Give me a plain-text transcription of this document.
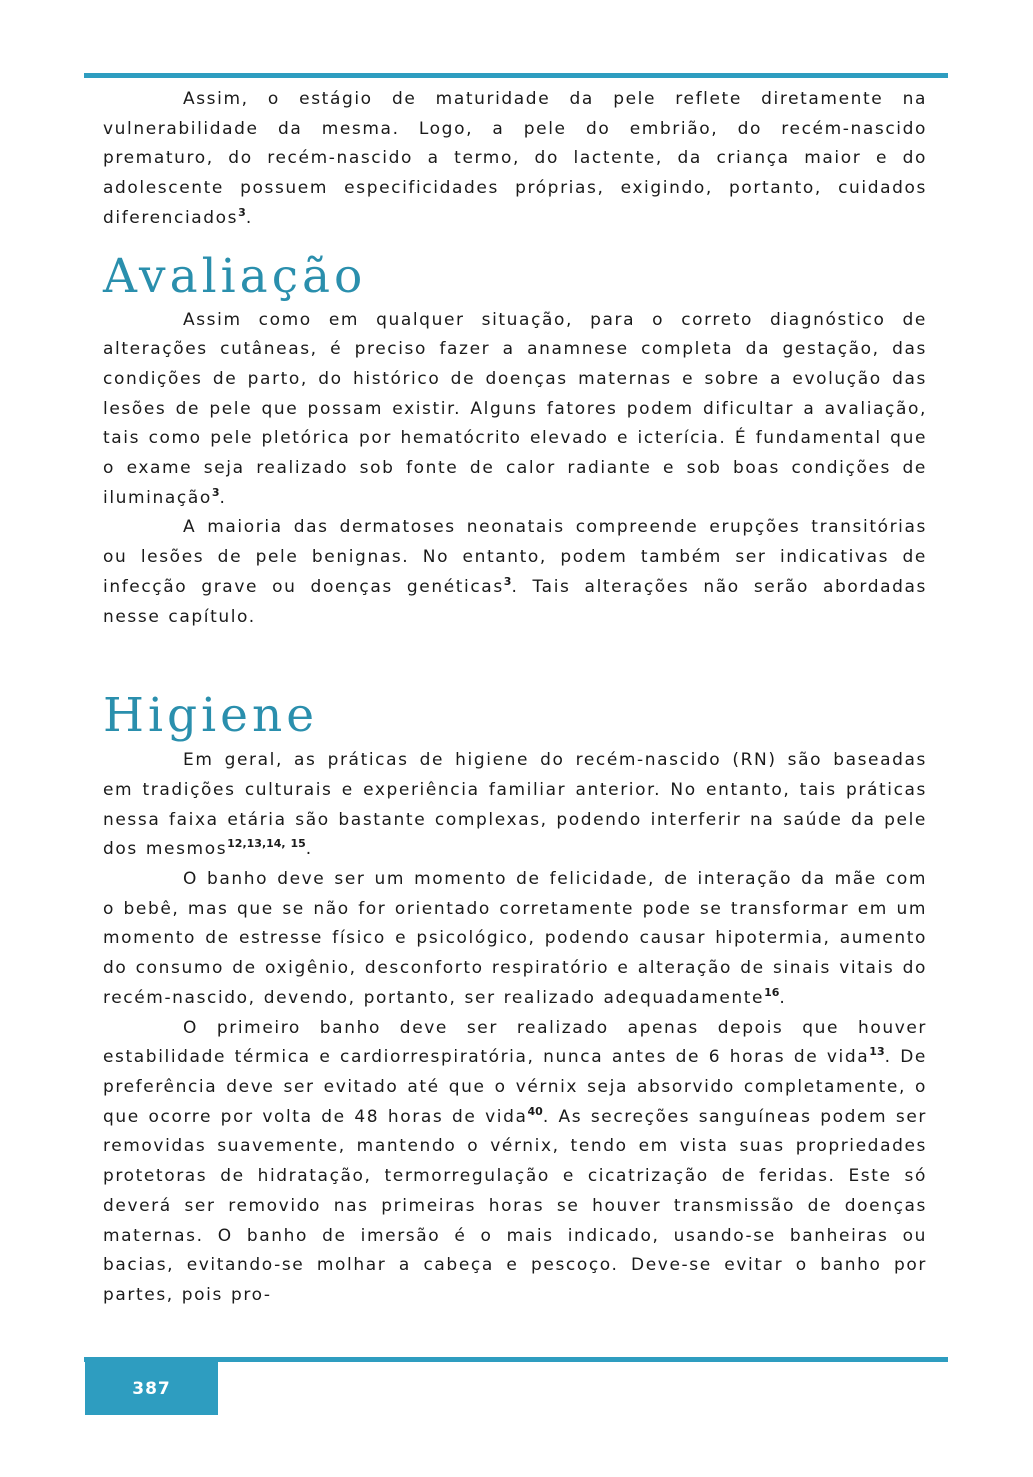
Assim, o estágio de maturidade da pele reflete diretamente na vulnerabilidade da mesma. Logo, a pele do embrião, do recém-nascido prematuro, do recém-nascido a termo, do lactente, da criança maior e do adolescente possuem especificidades próprias, exigindo, portanto, cuidados diferenciados$^3$.

Avaliação

Assim como em qualquer situação, para o correto diagnóstico de alterações cutâneas, é preciso fazer a anamnese completa da gestação, das condições de parto, do histórico de doenças maternas e sobre a evolução das lesões de pele que possam existir. Alguns fatores podem dificultar a avaliação, tais como pele pletórica por hematócrito elevado e icterícia. É fundamental que o exame seja realizado sob fonte de calor radiante e sob boas condições de iluminação$^3$.

A maioria das dermatoses neonatais compreende erupções transitórias ou lesões de pele benignas. No entanto, podem também ser indicativas de infecção grave ou doenças genéticas$^3$. Tais alterações não serão abordadas nesse capítulo.

Higiene

Em geral, as práticas de higiene do recém-nascido (RN) são baseadas em tradições culturais e experiência familiar anterior. No entanto, tais práticas nessa faixa etária são bastante complexas, podendo interferir na saúde da pele dos mesmos$^{12,13,14, 15}$.

O banho deve ser um momento de felicidade, de interação da mãe com o bebê, mas que se não for orientado corretamente pode se transformar em um momento de estresse físico e psicológico, podendo causar hipotermia, aumento do consumo de oxigênio, desconforto respiratório e alteração de sinais vitais do recém-nascido, devendo, portanto, ser realizado adequadamente$^{16}$.

O primeiro banho deve ser realizado apenas depois que houver estabilidade térmica e cardiorrespiratória, nunca antes de 6 horas de vida$^{13}$. De preferência deve ser evitado até que o vérnix seja absorvido completamente, o que ocorre por volta de 48 horas de vida$^{40}$. As secreções sanguíneas podem ser removidas suavemente, mantendo o vérnix, tendo em vista suas propriedades protetoras de hidratação, termorregulação e cicatrização de feridas. Este só deverá ser removido nas primeiras horas se houver transmissão de doenças maternas. O banho de imersão é o mais indicado, usando-se banheiras ou bacias, evitando-se molhar a cabeça e pescoço. Deve-se evitar o banho por partes, pois pro-

387
